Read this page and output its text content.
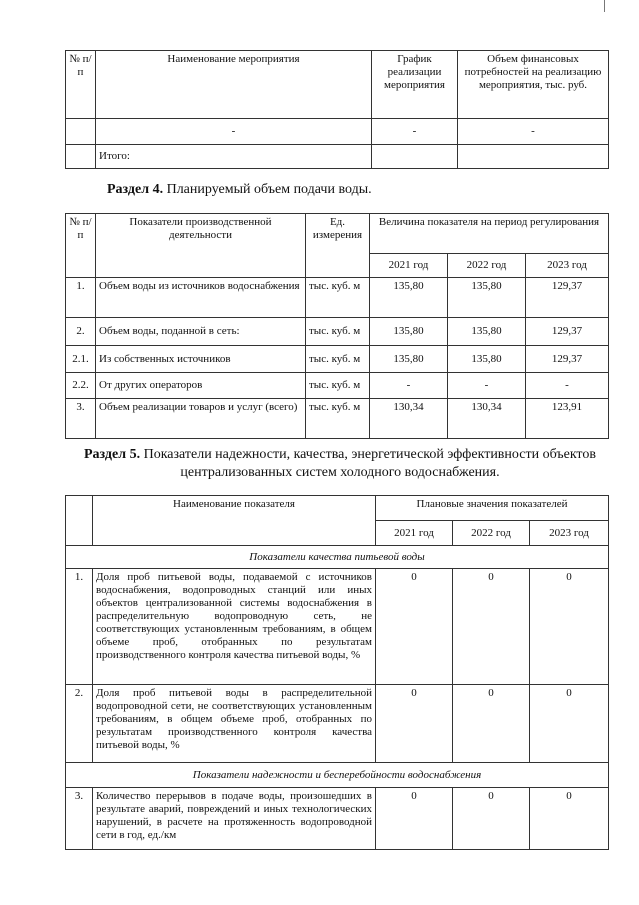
№ п/п	Наименование мероприятия	График реализации мероприятия	Объем финансовых потребностей на реализацию мероприятия, тыс. руб.
	-	-	-
	Итого:		
Раздел 4. Планируемый объем подачи воды.
№ п/п	Показатели производственной деятельности	Ед. измерения	Величина показателя на период регулирования		
			2021 год	2022 год	2023 год
1.	Объем воды из источников водоснабжения	тыс. куб. м	135,80	135,80	129,37
2.	Объем воды, поданной в сеть:	тыс. куб. м	135,80	135,80	129,37
2.1.	Из собственных источников	тыс. куб. м	135,80	135,80	129,37
2.2.	От других операторов	тыс. куб. м	-	-	-
3.	Объем реализации товаров и услуг (всего)	тыс. куб. м	130,34	130,34	123,91
Раздел 5. Показатели надежности, качества, энергетической эффективности объектов
централизованных систем холодного водоснабжения.
	Наименование показателя	Плановые значения показателей		
		2021 год	2022 год	2023 год
Показатели качества питьевой воды				
1.	Доля проб питьевой воды, подаваемой с источников водоснабжения, водопроводных станций или иных объектов централизованной системы водоснабжения в распределительную водопроводную сеть, не соответствующих установленным требованиям, в общем объеме проб, отобранных по результатам производственного контроля качества питьевой воды, %	0	0	0
2.	Доля проб питьевой воды в распределительной водопроводной сети, не соответствующих установленным требованиям, в общем объеме проб, отобранных по результатам производственного контроля качества питьевой воды, %	0	0	0
Показатели надежности и бесперебойности водоснабжения				
3.	Количество перерывов в подаче воды, произошедших в результате аварий, повреждений и иных технологических нарушений, в расчете на протяженность водопроводной сети в год, ед./км	0	0	0
